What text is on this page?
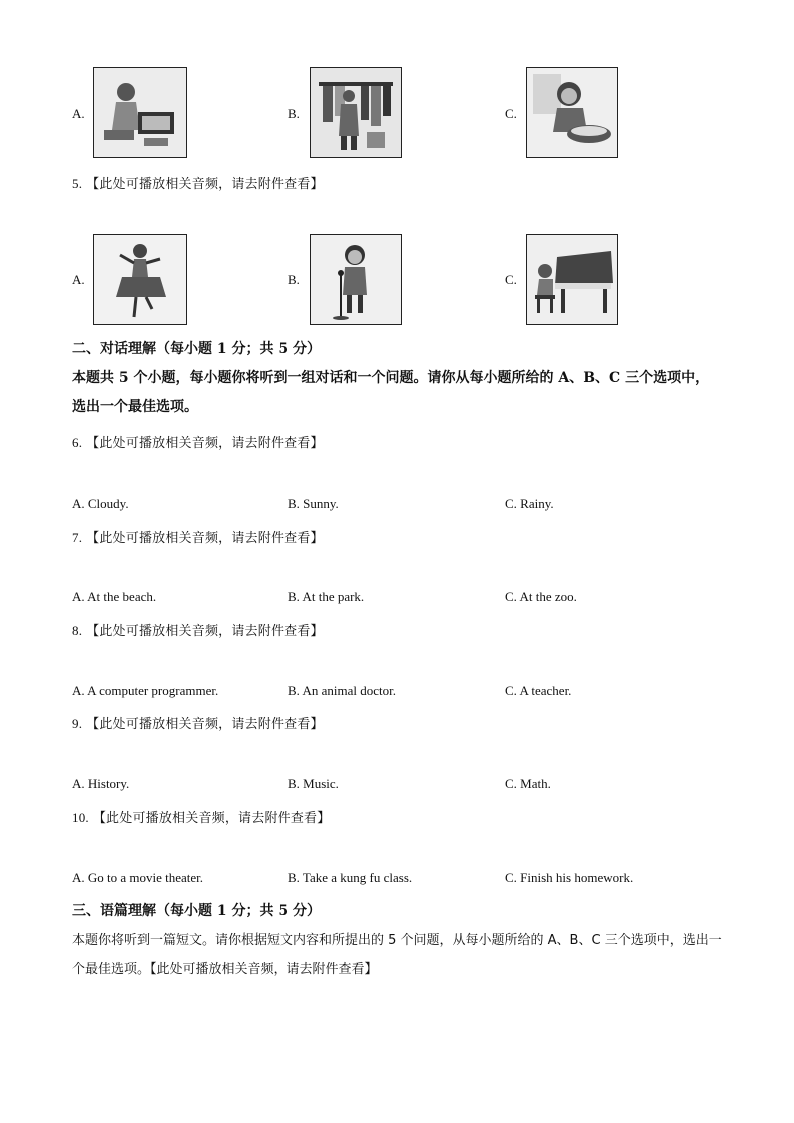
A.	B.	C.
5. 【此处可播放相关音频，请去附件查看】
A.	B.	C.
二、对话理解（每小题 1 分；共 5 分）
本题共 5 个小题，每小题你将听到一组对话和一个问题。请你从每小题所给的 A、B、C 三个选项中，选出一个最佳选项。
6. 【此处可播放相关音频，请去附件查看】
A. Cloudy.	B. Sunny.	C. Rainy.
7. 【此处可播放相关音频，请去附件查看】
A. At the beach.	B. At the park.	C. At the zoo.
8. 【此处可播放相关音频，请去附件查看】
A. A computer programmer.	B. An animal doctor.	C. A teacher.
9. 【此处可播放相关音频，请去附件查看】
A. History.	B. Music.	C. Math.
10. 【此处可播放相关音频，请去附件查看】
A. Go to a movie theater.	B. Take a kung fu class.	C. Finish his homework.
三、语篇理解（每小题 1 分；共 5 分）
本题你将听到一篇短文。请你根据短文内容和所提出的 5 个问题，从每小题所给的 A、B、C 三个选项中，选出一个最佳选项。【此处可播放相关音频，请去附件查看】
